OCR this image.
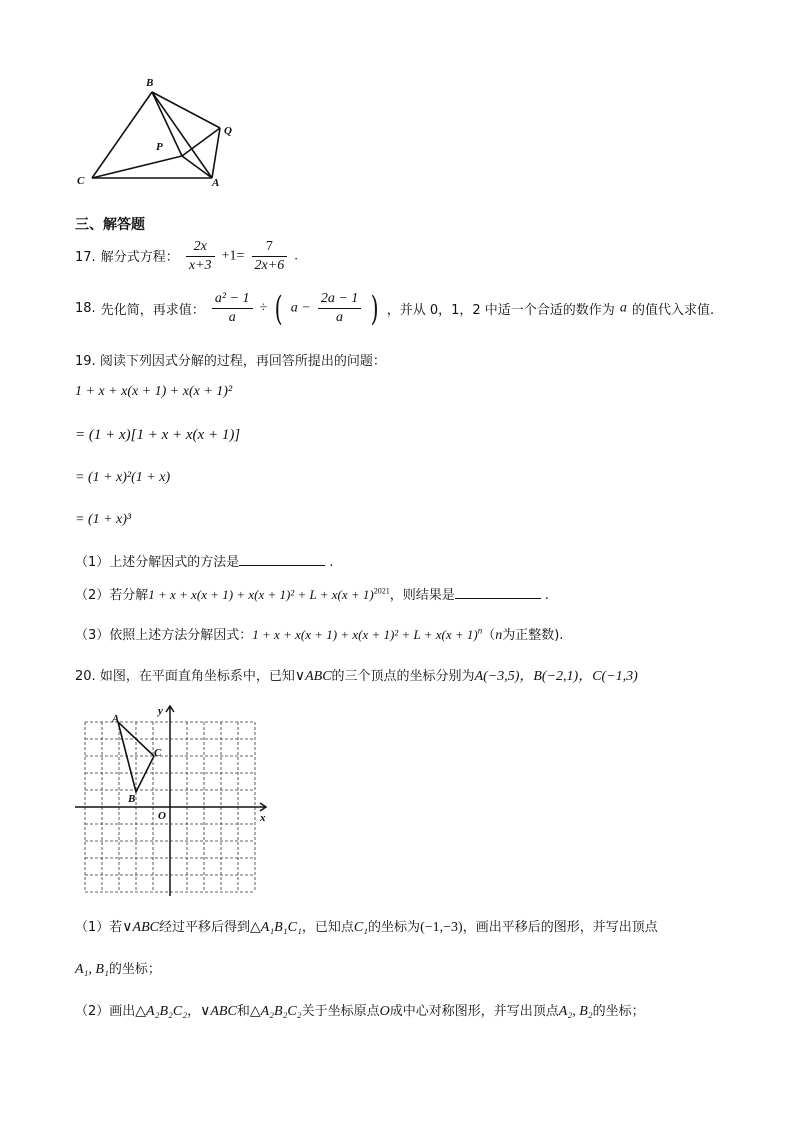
B
Q
P
C	A
三、解答题
17. 解分式方程： $\frac{2x}{x+3} +1= \frac{7}{2x+6}$ .
18. 先化简，再求值： $\frac{\text{a² − 1}}{a}$ ÷ ( $a - \frac{2a - 1}{a}$ ) ，并从 0，1，2 中适一个合适的数作为 a 的值代入求值.
19. 阅读下列因式分解的过程，再回答所提出的问题：
1 + x + x(x + 1) + x(x + 1)²
= (1 + x)[1 + x + x(x + 1)]
= (1 + x)²(1 + x)
= (1 + x)³
（1）上述分解因式的方法是	.
（2）若分解$1 + x + x(x + 1) + x(x + 1)^2 + L + x(x + 1)^{2021}$，则结果是	.
（3）依照上述方法分解因式：$1 + x + x(x + 1) + x(x + 1)^2 + L + x(x + 1)^n(n$为正整数).
20. 如图，在平面直角坐标系中，已知∨ABC的三个顶点的坐标分别为A(−3,5)，B(−2,1)，C(−1,3)
A
B
C
O	x
y
（1）若∨ABC经过平移后得到△A₁B₁C₁，已知点C₁的坐标为(−1,−3)，画出平移后的图形，并写出顶点
A₁, B₁的坐标；
（2）画出△A₂B₂C₂，∨ABC和△A₂B₂C₂关于坐标原点O成中心对称图形，并写出顶点A₂, B₂的坐标；
